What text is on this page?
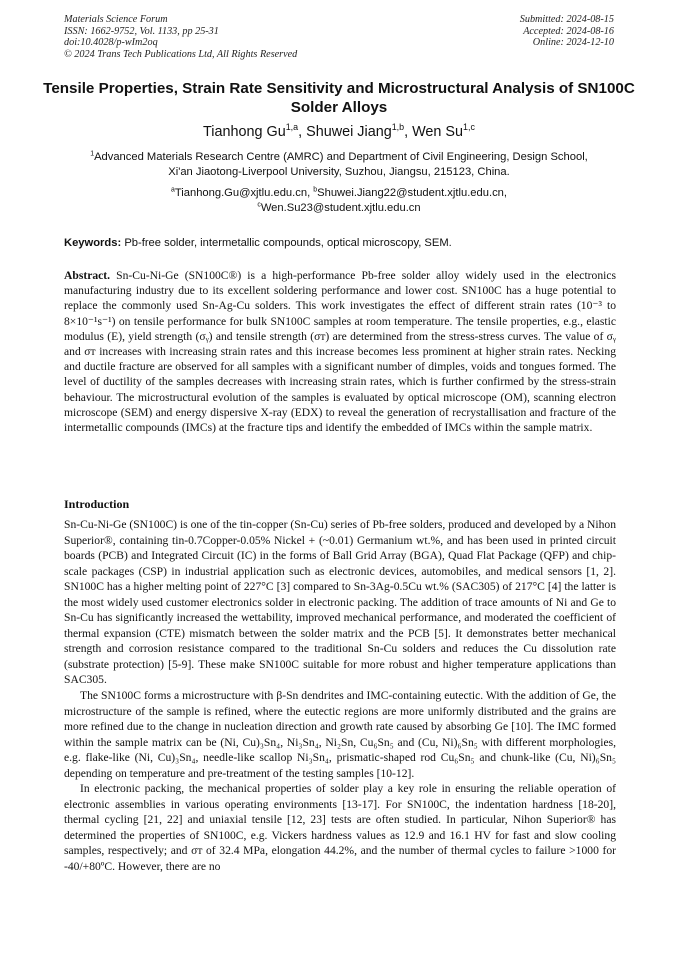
Materials Science Forum
ISSN: 1662-9752, Vol. 1133, pp 25-31
doi:10.4028/p-wIm2oq
© 2024 Trans Tech Publications Ltd, All Rights Reserved
Submitted: 2024-08-15
Accepted: 2024-08-16
Online: 2024-12-10
Tensile Properties, Strain Rate Sensitivity and Microstructural Analysis of SN100C Solder Alloys
Tianhong Gu$^{1,a}$, Shuwei Jiang$^{1,b}$, Wen Su$^{1,c}$
$^1$Advanced Materials Research Centre (AMRC) and Department of Civil Engineering, Design School,
Xi'an Jiaotong-Liverpool University, Suzhou, Jiangsu, 215123, China.
$^a$Tianhong.Gu@xjtlu.edu.cn, $^b$Shuwei.Jiang22@student.xjtlu.edu.cn,
$^c$Wen.Su23@student.xjtlu.edu.cn
Keywords: Pb-free solder, intermetallic compounds, optical microscopy, SEM.
Abstract. Sn-Cu-Ni-Ge (SN100C®) is a high-performance Pb-free solder alloy widely used in the electronics manufacturing industry due to its excellent soldering performance and lower cost. SN100C has a huge potential to replace the commonly used Sn-Ag-Cu solders. This work investigates the effect of different strain rates (10⁻³ to 8×10⁻¹s⁻¹) on tensile performance for bulk SN100C samples at room temperature. The tensile properties, e.g., elastic modulus (E), yield strength (σᵧ) and tensile strength (σᴛ) are determined from the stress-stress curves. The value of σᵧ and σᴛ increases with increasing strain rates and this increase becomes less prominent at higher strain rates. Necking and ductile fracture are observed for all samples with a significant number of dimples, voids and tongues formed. The level of ductility of the samples decreases with increasing strain rates, which is further confirmed by the stress-strain behaviour. The microstructural evolution of the samples is evaluated by optical microscope (OM), scanning electron microscope (SEM) and energy dispersive X-ray (EDX) to reveal the generation of recrystallisation and fracture of the intermetallic compounds (IMCs) at the fracture tips and identify the embedded of IMCs within the sample matrix.
Introduction

Sn-Cu-Ni-Ge (SN100C) is one of the tin-copper (Sn-Cu) series of Pb-free solders, produced and developed by a Nihon Superior®, containing tin-0.7Copper-0.05% Nickel + (~0.01) Germanium wt.%, and has been used in printed circuit boards (PCB) and Integrated Circuit (IC) in the forms of Ball Grid Array (BGA), Quad Flat Package (QFP) and chip-scale packages (CSP) in industrial application such as electronic devices, automobiles, and medical sensors [1, 2]. SN100C has a higher melting point of 227°C [3] compared to Sn-3Ag-0.5Cu wt.% (SAC305) of 217°C [4] the latter is the most widely used customer electronics solder in electronic packing. The addition of trace amounts of Ni and Ge to Sn-Cu has significantly increased the wettability, improved mechanical performance, and moderated the coefficient of thermal expansion (CTE) mismatch between the solder matrix and the PCB [5]. It demonstrates better mechanical strength and corrosion resistance compared to the traditional Sn-Cu solders and reduces the Cu dissolution rate (substrate protection) [5-9]. These make SN100C suitable for more robust and higher temperature applications than SAC305.

The SN100C forms a microstructure with β-Sn dendrites and IMC-containing eutectic. With the addition of Ge, the microstructure of the sample is refined, where the eutectic regions are more uniformly distributed and the grains are more refined due to the change in nucleation direction and growth rate caused by absorbing Ge [10]. The IMC formed within the sample matrix can be (Ni, Cu)₃Sn₄, Ni₃Sn₄, Ni₂Sn, Cu₆Sn₅ and (Cu, Ni)₆Sn₅ with different morphologies, e.g. flake-like (Ni, Cu)₃Sn₄, needle-like scallop Ni₃Sn₄, prismatic-shaped rod Cu₆Sn₅ and chunk-like (Cu, Ni)₆Sn₅ depending on temperature and pre-treatment of the testing samples [10-12].

In electronic packing, the mechanical properties of solder play a key role in ensuring the reliable operation of electronic assemblies in various operating environments [13-17]. For SN100C, the indentation hardness [18-20], thermal cycling [21, 22] and uniaxial tensile [12, 23] tests are often studied. In particular, Nihon Superior® has determined the properties of SN100C, e.g. Vickers hardness values as 12.9 and 16.1 HV for fast and slow cooling samples, respectively; and σᴛ of 32.4 MPa, elongation 44.2%, and the number of thermal cycles to failure >1000 for -40/+80ºC. However, there are no
